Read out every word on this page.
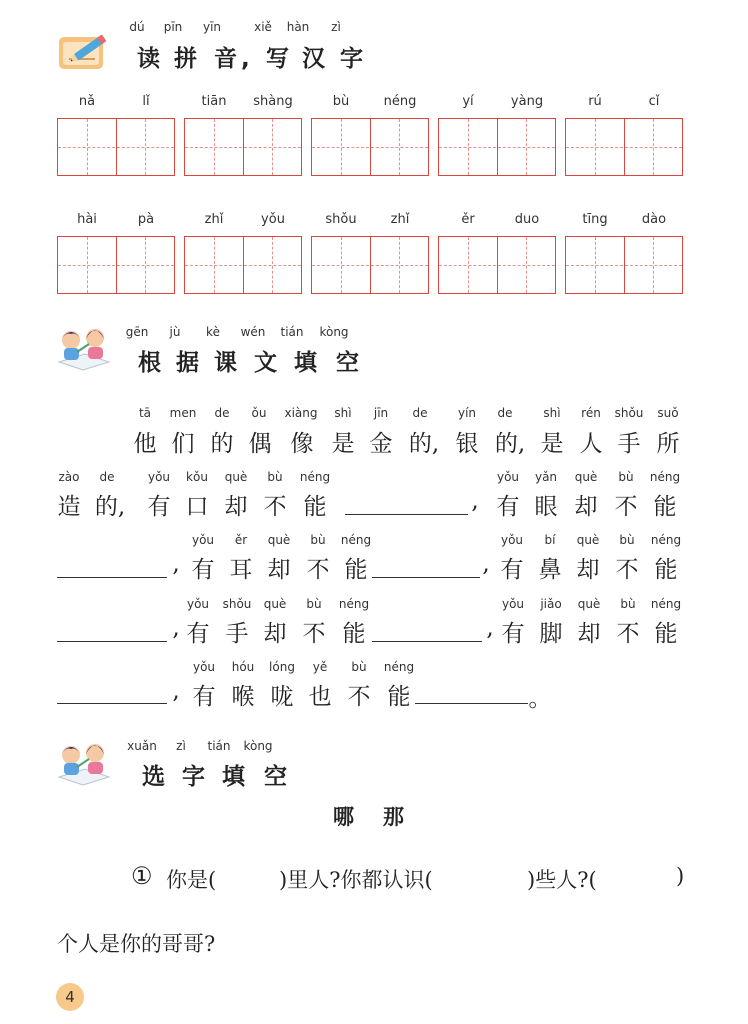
dú pīn yīn	xiě hàn zì
读 拼 音, 写 汉 字
nǎ	lǐ	tiān shàng	bù	néng	yí	yàng	rú	cǐ
hài	pà	zhǐ	yǒu	shǒu	zhǐ	ěr	duo	tīng	dào
gēn jù kè wén tián kòng
根 据 课 文 填 空
tā men de ǒu xiàng shì jīn de	yín de	shì rén shǒu suǒ
他 们 的 偶 像 是 金 的, 银 的, 是 人 手 所
zào de	yǒu kǒu què bù néng
造 的, 有 口 却 不 能
yǒu yǎn què bù néng
, 有 眼 却 不 能
yǒu ěr què bù néng
, 有 耳 却 不 能
yǒu bí què bù néng
, 有 鼻 却 不 能
yǒu shǒu què bù néng
, 有 手 却 不 能
yǒu jiǎo què bù néng
, 有 脚 却 不 能
yǒu hóu lóng yě bù néng
, 有 喉 咙 也 不 能	。
xuǎn zì tián kòng
选 字 填 空
哪 那
① 你是(	)里人?你都认识(	)些人?(	)
个人是你的哥哥?
4
